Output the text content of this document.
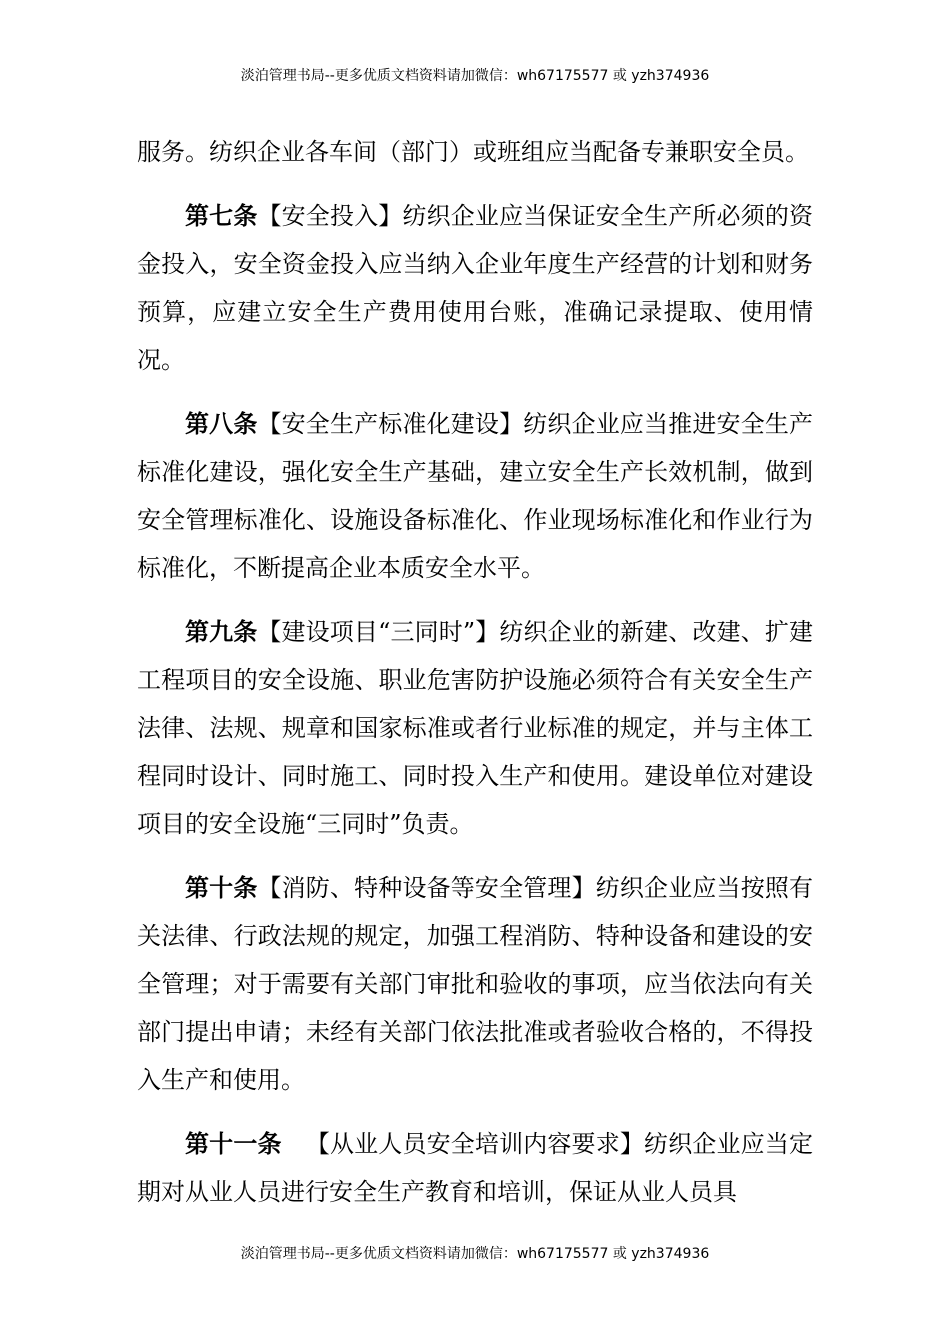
淡泊管理书局--更多优质文档资料请加微信：wh67175577 或 yzh374936

服务。纺织企业各车间（部门）或班组应当配备专兼职安全员。

第七条【安全投入】纺织企业应当保证安全生产所必须的资金投入，安全资金投入应当纳入企业年度生产经营的计划和财务预算，应建立安全生产费用使用台账，准确记录提取、使用情况。

第八条【安全生产标准化建设】纺织企业应当推进安全生产标准化建设，强化安全生产基础，建立安全生产长效机制，做到安全管理标准化、设施设备标准化、作业现场标准化和作业行为标准化，不断提高企业本质安全水平。

第九条【建设项目“三同时”】纺织企业的新建、改建、扩建工程项目的安全设施、职业危害防护设施必须符合有关安全生产法律、法规、规章和国家标准或者行业标准的规定，并与主体工程同时设计、同时施工、同时投入生产和使用。建设单位对建设项目的安全设施“三同时”负责。

第十条【消防、特种设备等安全管理】纺织企业应当按照有关法律、行政法规的规定，加强工程消防、特种设备和建设的安全管理；对于需要有关部门审批和验收的事项，应当依法向有关部门提出申请；未经有关部门依法批准或者验收合格的，不得投入生产和使用。

第十一条 【从业人员安全培训内容要求】纺织企业应当定期对从业人员进行安全生产教育和培训，保证从业人员具

淡泊管理书局--更多优质文档资料请加微信：wh67175577 或 yzh374936
